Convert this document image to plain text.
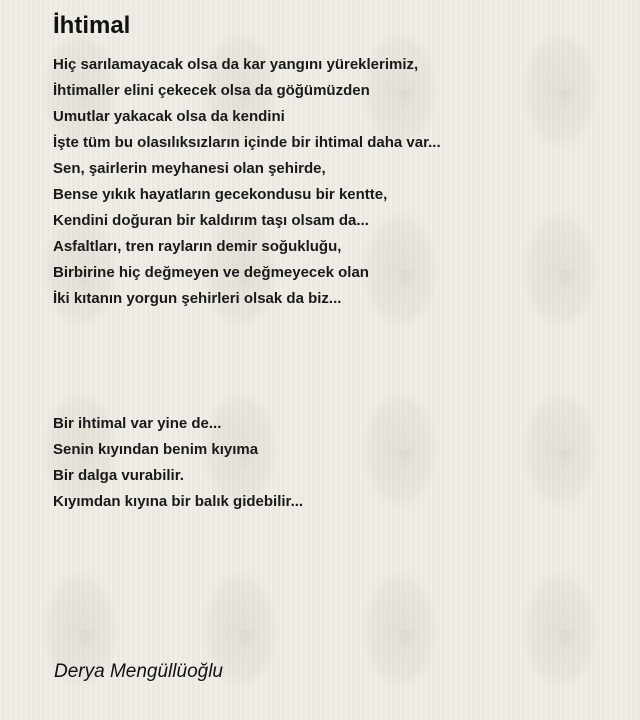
İhtimal
Hiç sarılamayacak olsa da kar yangını yüreklerimiz,
İhtimaller elini çekecek olsa da göğümüzden
Umutlar yakacak olsa da kendini
İşte tüm bu olasılıksızların içinde bir ihtimal daha var...
Sen, şairlerin meyhanesi olan şehirde,
Bense yıkık hayatların gecekondusu bir kentte,
Kendini doğuran bir kaldırım taşı olsam da...
Asfaltları, tren rayların demir soğukluğu,
Birbirine hiç değmeyen ve değmeyecek olan
İki kıtanın yorgun şehirleri olsak da biz...
Bir ihtimal var yine de...
Senin kıyından benim kıyıma
Bir dalga vurabilir.
Kıyımdan kıyına bir balık gidebilir...

Derya Mengüllüoğlu
